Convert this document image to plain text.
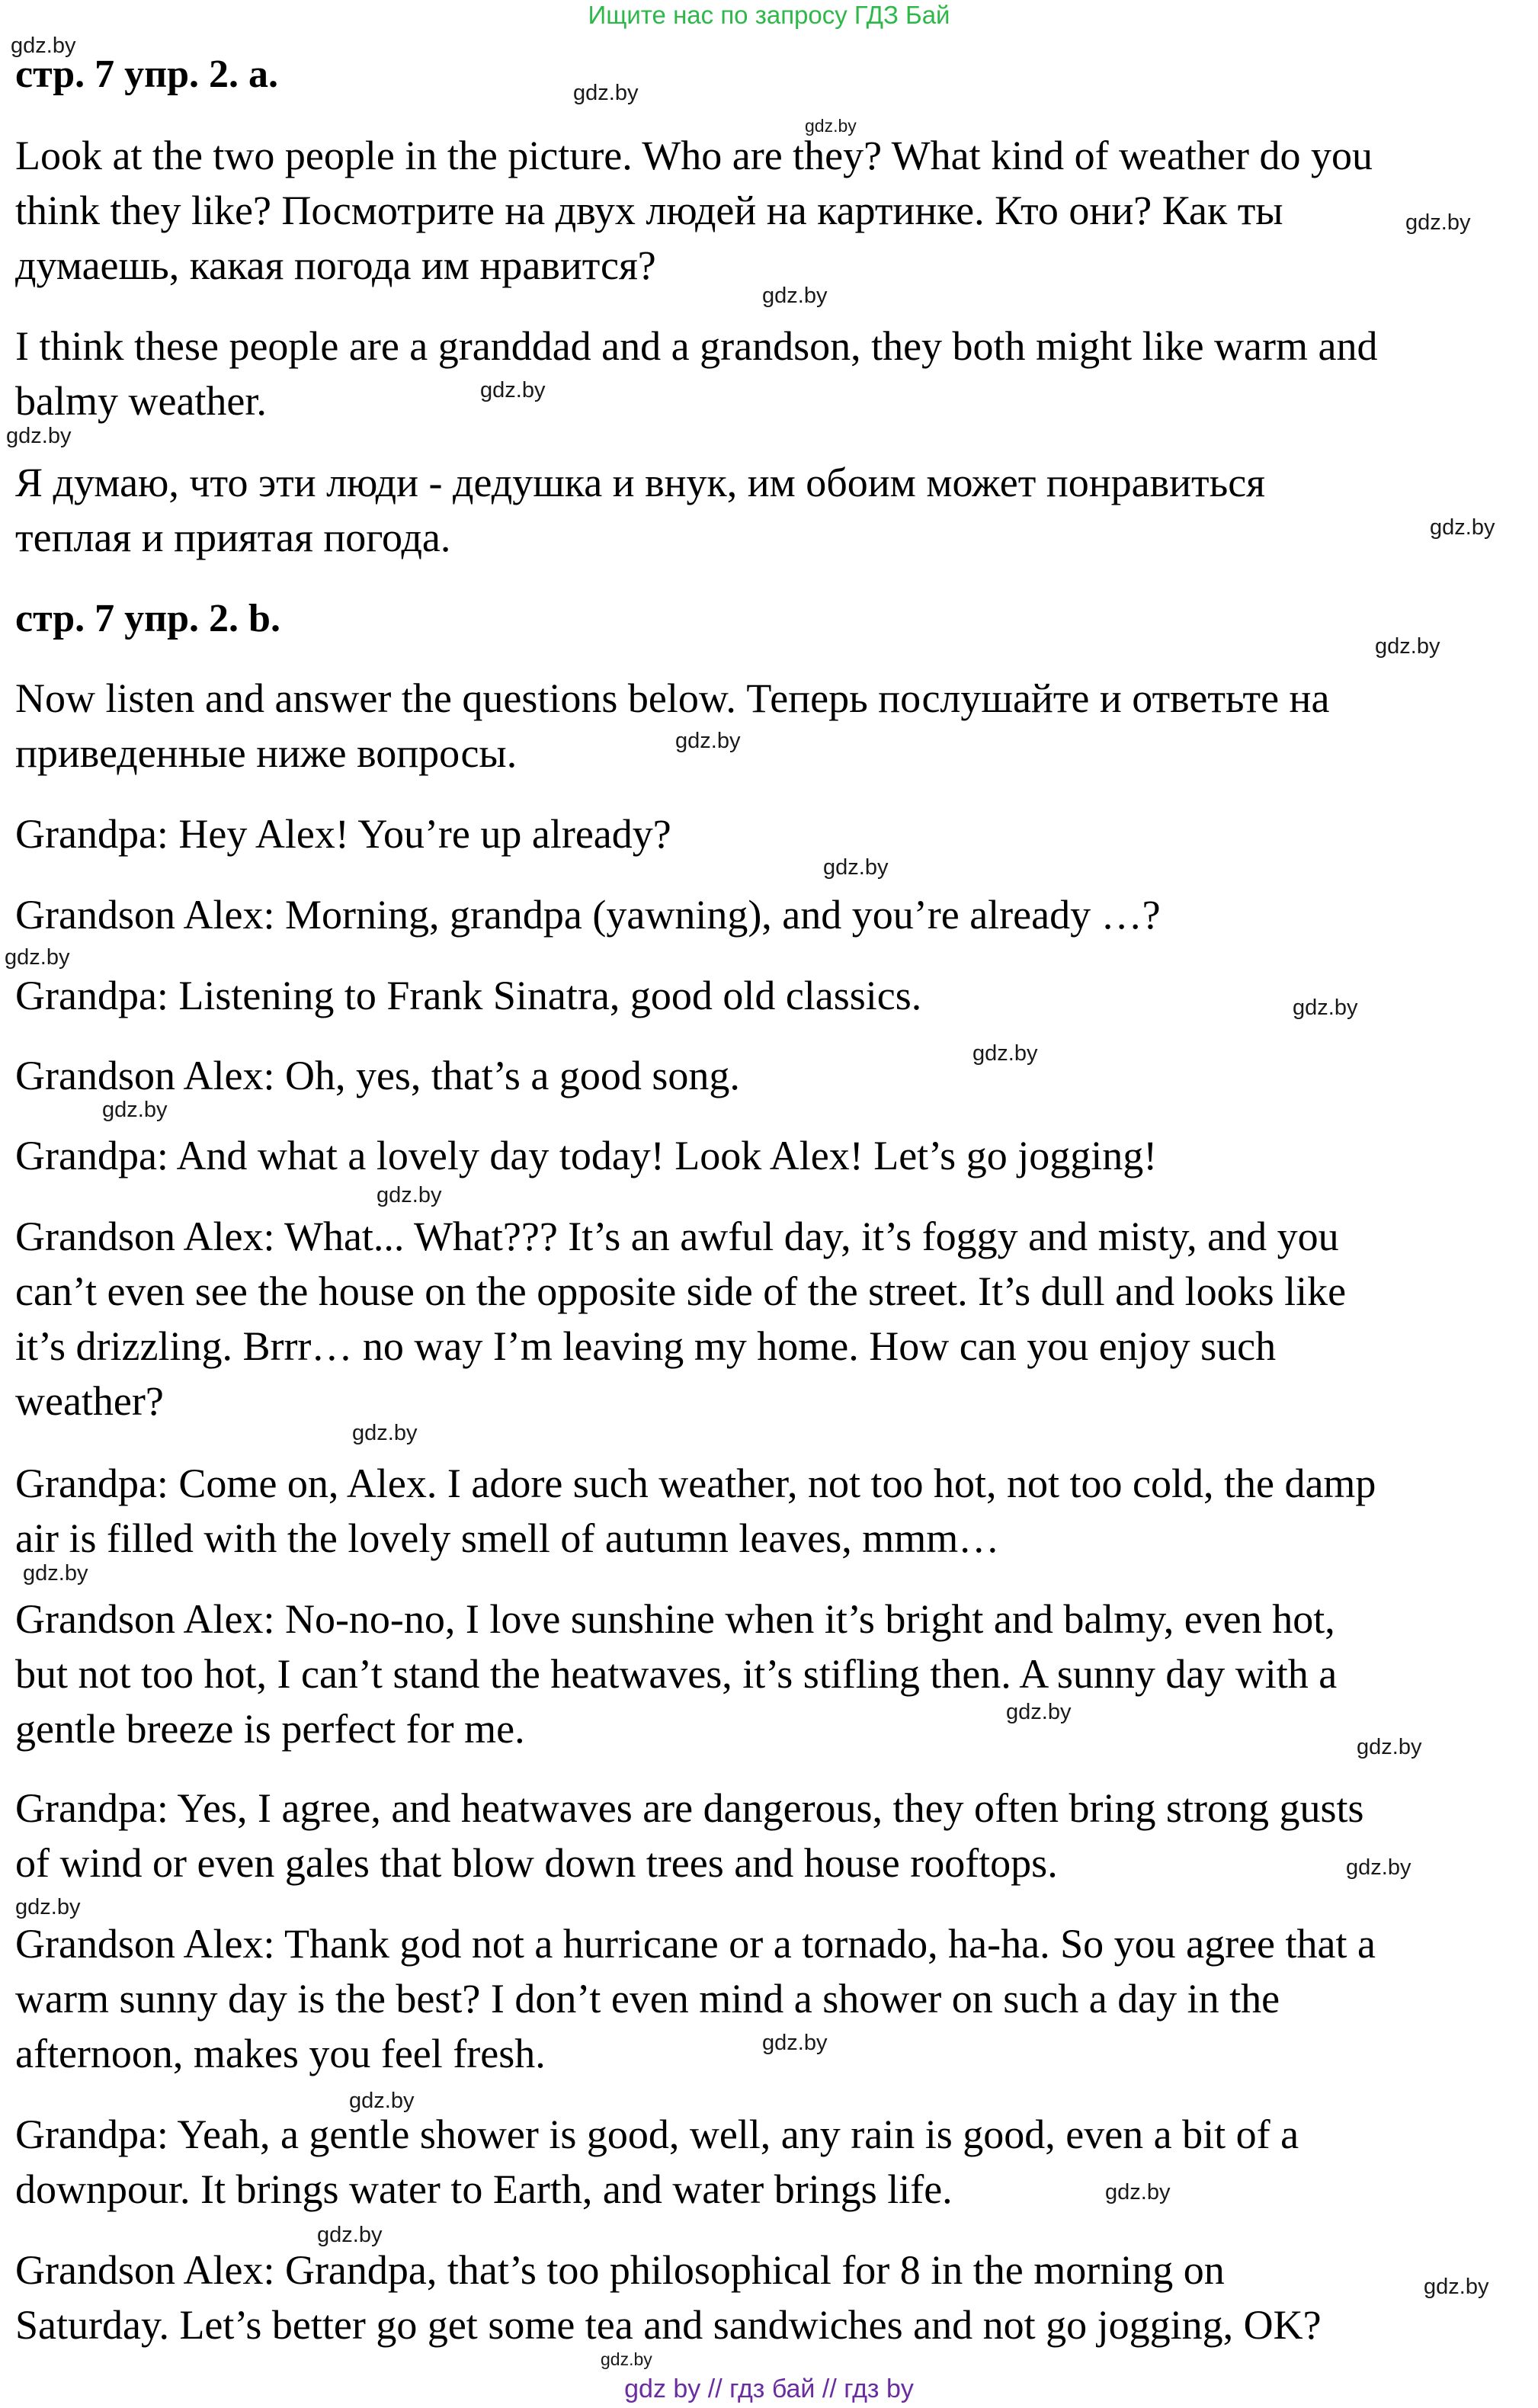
Ищите нас по запросу ГДЗ Бай
стр. 7 упр. 2. a.
Look at the two people in the picture. Who are they? What kind of weather do you
think they like? Посмотрите на двух людей на картинке. Кто они? Как ты
думаешь, какая погода им нравится?
I think these people are a granddad and a grandson, they both might like warm and
balmy weather.
Я думаю, что эти люди - дедушка и внук, им обоим может понравиться
теплая и приятая погода.
стр. 7 упр. 2. b.
Now listen and answer the questions below. Теперь послушайте и ответьте на
приведенные ниже вопросы.
Grandpa: Hey Alex! You’re up already?
Grandson Alex: Morning, grandpa (yawning), and you’re already …?
Grandpa: Listening to Frank Sinatra, good old classics.
Grandson Alex: Oh, yes, that’s a good song.
Grandpa: And what a lovely day today! Look Alex! Let’s go jogging!
Grandson Alex: What... What??? It’s an awful day, it’s foggy and misty, and you
can’t even see the house on the opposite side of the street. It’s dull and looks like
it’s drizzling. Brrr… no way I’m leaving my home. How can you enjoy such
weather?
Grandpa: Come on, Alex. I adore such weather, not too hot, not too cold, the damp
air is filled with the lovely smell of autumn leaves, mmm…
Grandson Alex: No-no-no, I love sunshine when it’s bright and balmy, even hot,
but not too hot, I can’t stand the heatwaves, it’s stifling then. A sunny day with a
gentle breeze is perfect for me.
Grandpa: Yes, I agree, and heatwaves are dangerous, they often bring strong gusts
of wind or even gales that blow down trees and house rooftops.
Grandson Alex: Thank god not a hurricane or a tornado, ha-ha. So you agree that a
warm sunny day is the best? I don’t even mind a shower on such a day in the
afternoon, makes you feel fresh.
Grandpa: Yeah, a gentle shower is good, well, any rain is good, even a bit of a
downpour. It brings water to Earth, and water brings life.
Grandson Alex: Grandpa, that’s too philosophical for 8 in the morning on
Saturday. Let’s better go get some tea and sandwiches and not go jogging, OK?
gdz.by
gdz.by
gdz.by
gdz.by
gdz.by
gdz.by
gdz.by
gdz.by
gdz.by
gdz.by
gdz.by
gdz.by
gdz.by
gdz.by
gdz.by
gdz.by
gdz.by
gdz.by
gdz.by
gdz.by
gdz.by
gdz.by
gdz.by
gdz.by
gdz.by
gdz.by
gdz.by
gdz.by
gdz by // гдз бай // гдз by
